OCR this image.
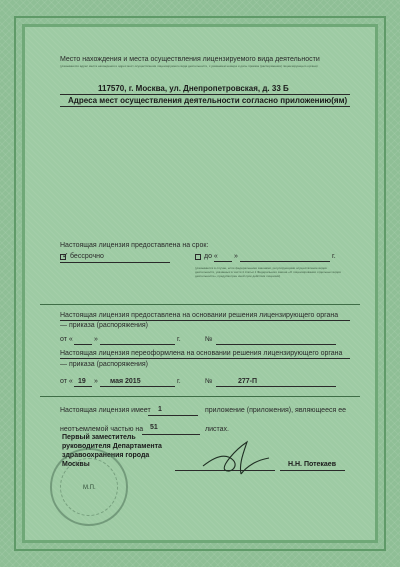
Место нахождения и места осуществления лицензируемого вида деятельности
(указываются адрес места нахождения и адрес мест осуществления лицензируемого вида деятельности, с указанием номера и даты приказа (распоряжения) лицензирующего органа)
117570, г. Москва, ул. Днепропетровская, д. 33 Б
Адреса мест осуществления деятельности согласно приложению(ям)
Настоящая лицензия предоставлена на срок:
✓ бессрочно	до « »	г.
(указывается в случае, если федеральными законами, регулирующими осуществление видов деятельности, указанных в части 4 статьи 1 Федерального закона «О лицензировании отдельных видов деятельности», предусмотрен иной срок действия лицензии)
Настоящая лицензия предоставлена на основании решения лицензирующего органа
— приказа (распоряжения)
от «	»	г.	№
Настоящая лицензия переоформлена на основании решения лицензирующего органа
— приказа (распоряжения)
от « 19 » мая 2015	г.	№	277-П
Настоящая лицензия имеет 1	приложение (приложения), являющееся ее
неотъемлемой частью на 51	листах.
Первый заместитель
руководителя Департамента
здравоохранения города
Москвы	Н.Н. Потекаев
М.П.
